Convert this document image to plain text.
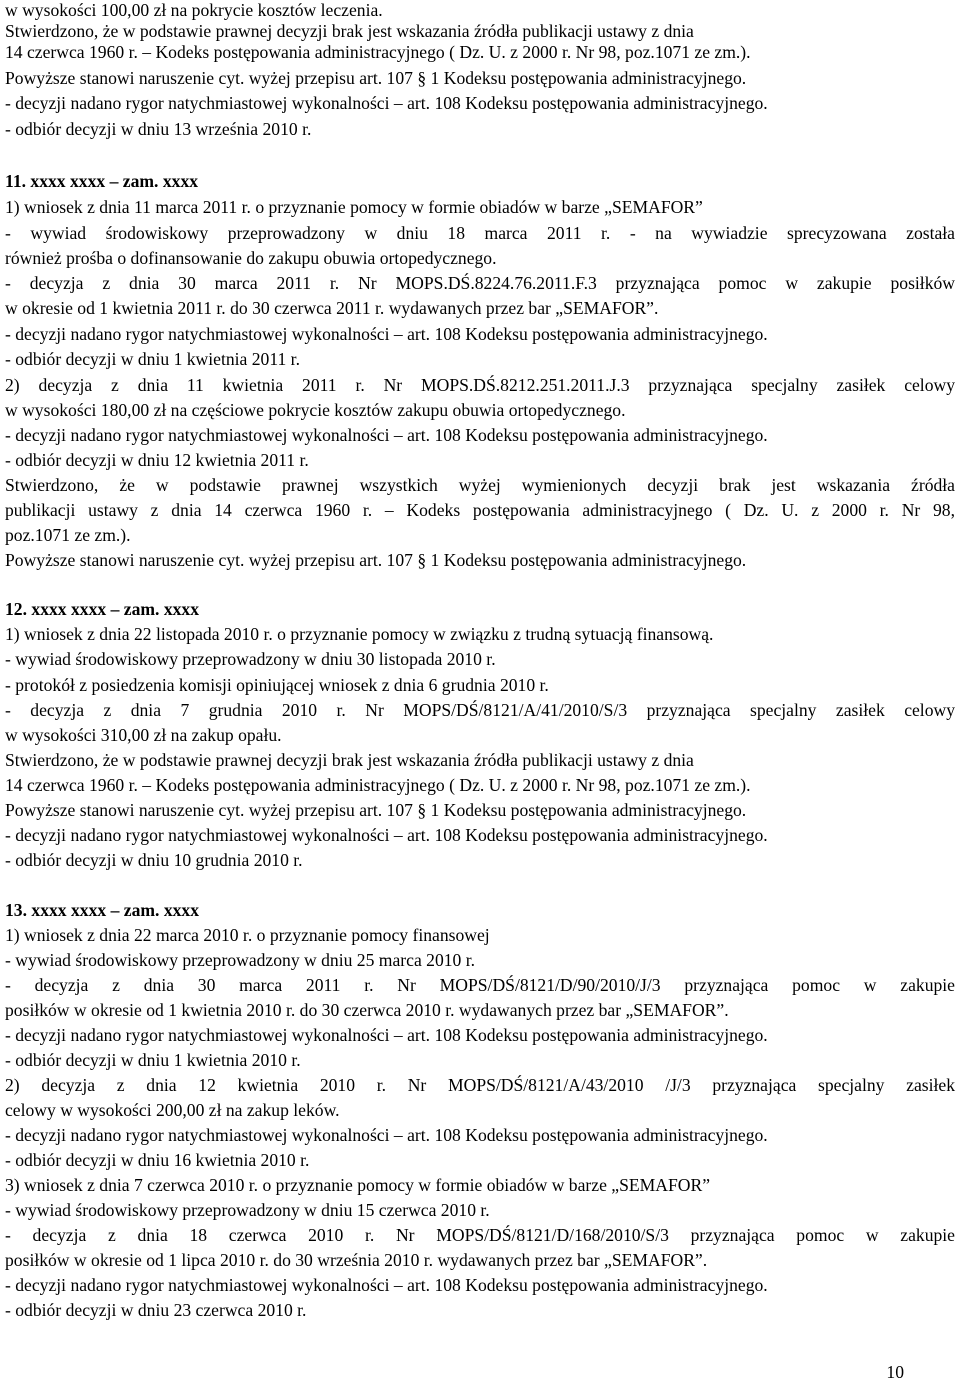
w wysokości 100,00 zł na pokrycie kosztów leczenia.
Stwierdzono, że w podstawie prawnej decyzji brak jest wskazania źródła publikacji ustawy z dnia
14 czerwca 1960 r. – Kodeks postępowania administracyjnego ( Dz. U. z 2000 r. Nr 98, poz.1071 ze zm.).
Powyższe stanowi naruszenie cyt. wyżej przepisu art. 107 § 1 Kodeksu postępowania administracyjnego.
- decyzji nadano rygor natychmiastowej wykonalności – art. 108 Kodeksu postępowania administracyjnego.
- odbiór decyzji w dniu 13 września 2010 r.
11. xxxx xxxx – zam. xxxx
1) wniosek z dnia 11 marca 2011 r. o przyznanie pomocy w formie obiadów w barze „SEMAFOR”
- wywiad środowiskowy przeprowadzony w dniu 18 marca 2011 r. - na wywiadzie sprecyzowana została
również prośba o dofinansowanie do zakupu obuwia ortopedycznego.
- decyzja z dnia 30 marca 2011 r. Nr MOPS.DŚ.8224.76.2011.F.3 przyznająca pomoc w zakupie posiłków
w okresie od 1 kwietnia 2011 r. do 30 czerwca 2011 r. wydawanych przez bar „SEMAFOR”.
- decyzji nadano rygor natychmiastowej wykonalności – art. 108 Kodeksu postępowania administracyjnego.
- odbiór decyzji w dniu 1 kwietnia 2011 r.
2) decyzja z dnia 11 kwietnia 2011 r. Nr MOPS.DŚ.8212.251.2011.J.3 przyznająca specjalny zasiłek celowy
w wysokości 180,00 zł na częściowe pokrycie kosztów zakupu obuwia ortopedycznego.
- decyzji nadano rygor natychmiastowej wykonalności – art. 108 Kodeksu postępowania administracyjnego.
- odbiór decyzji w dniu 12 kwietnia 2011 r.
Stwierdzono, że w podstawie prawnej wszystkich wyżej wymienionych decyzji brak jest wskazania źródła
publikacji ustawy z dnia 14 czerwca 1960 r. – Kodeks postępowania administracyjnego ( Dz. U. z 2000 r. Nr 98,
poz.1071 ze zm.).
Powyższe stanowi naruszenie cyt. wyżej przepisu art. 107 § 1 Kodeksu postępowania administracyjnego.
12. xxxx xxxx – zam. xxxx
1) wniosek z dnia 22 listopada 2010 r. o przyznanie pomocy w związku z trudną sytuacją finansową.
- wywiad środowiskowy przeprowadzony w dniu 30 listopada 2010 r.
- protokół z posiedzenia komisji opiniującej wniosek z dnia 6 grudnia 2010 r.
- decyzja z dnia 7 grudnia 2010 r. Nr MOPS/DŚ/8121/A/41/2010/S/3 przyznająca specjalny zasiłek celowy
w wysokości 310,00 zł na zakup opału.
Stwierdzono, że w podstawie prawnej decyzji brak jest wskazania źródła publikacji ustawy z dnia
14 czerwca 1960 r. – Kodeks postępowania administracyjnego ( Dz. U. z 2000 r. Nr 98, poz.1071 ze zm.).
Powyższe stanowi naruszenie cyt. wyżej przepisu art. 107 § 1 Kodeksu postępowania administracyjnego.
- decyzji nadano rygor natychmiastowej wykonalności – art. 108 Kodeksu postępowania administracyjnego.
- odbiór decyzji w dniu 10 grudnia 2010 r.
13. xxxx xxxx – zam. xxxx
1) wniosek z dnia 22 marca 2010 r. o przyznanie pomocy finansowej
- wywiad środowiskowy przeprowadzony w dniu 25 marca 2010 r.
- decyzja z dnia 30 marca 2011 r. Nr MOPS/DŚ/8121/D/90/2010/J/3 przyznająca pomoc w zakupie
posiłków w okresie od 1 kwietnia 2010 r. do 30 czerwca 2010 r. wydawanych przez bar „SEMAFOR”.
- decyzji nadano rygor natychmiastowej wykonalności – art. 108 Kodeksu postępowania administracyjnego.
- odbiór decyzji w dniu 1 kwietnia 2010 r.
2) decyzja z dnia 12 kwietnia 2010 r. Nr MOPS/DŚ/8121/A/43/2010 /J/3 przyznająca specjalny zasiłek
celowy w wysokości 200,00 zł na zakup leków.
- decyzji nadano rygor natychmiastowej wykonalności – art. 108 Kodeksu postępowania administracyjnego.
- odbiór decyzji w dniu 16 kwietnia 2010 r.
3) wniosek z dnia 7 czerwca 2010 r. o przyznanie pomocy w formie obiadów w barze „SEMAFOR”
- wywiad środowiskowy przeprowadzony w dniu 15 czerwca 2010 r.
- decyzja z dnia 18 czerwca 2010 r. Nr MOPS/DŚ/8121/D/168/2010/S/3 przyznająca pomoc w zakupie
posiłków w okresie od 1 lipca 2010 r. do 30 września 2010 r. wydawanych przez bar „SEMAFOR”.
- decyzji nadano rygor natychmiastowej wykonalności – art. 108 Kodeksu postępowania administracyjnego.
- odbiór decyzji w dniu 23 czerwca 2010 r.
10
